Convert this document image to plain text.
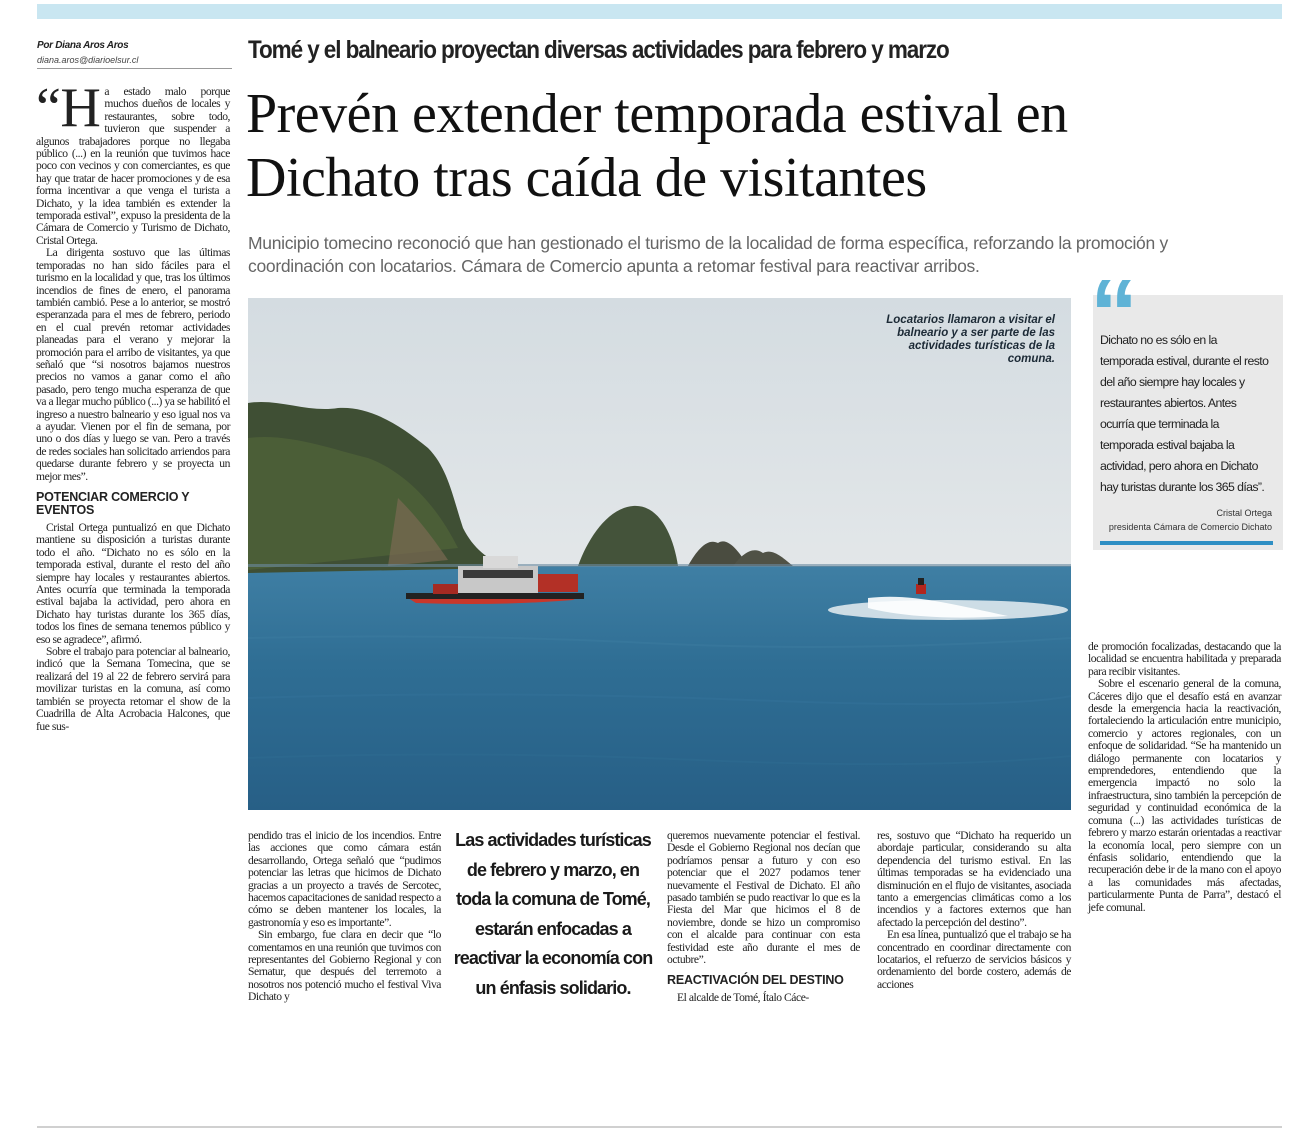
Por Diana Aros Aros
diana.aros@diarioelsur.cl	Tomé y el balneario proyectan diversas actividades para febrero y marzo
Prevén extender temporada estival en
Dichato tras caída de visitantes
Municipio tomecino reconoció que han gestionado el turismo de la localidad de forma específica, reforzando la promoción y coordinación con locatarios. Cámara de Comercio apunta a retomar festival para reactivar arribos.

“Ha estado malo porque muchos dueños de locales y restaurantes, sobre todo, tuvieron que suspender a algunos trabajadores porque no llegaba público (...) en la reunión que tuvimos hace poco con vecinos y con comerciantes, es que hay que tratar de hacer promociones y de esa forma incentivar a que venga el turista a Dichato, y la idea también es extender la temporada estival”, expuso la presidenta de la Cámara de Comercio y Turismo de Dichato, Cristal Ortega.

La dirigenta sostuvo que las últimas temporadas no han sido fáciles para el turismo en la localidad y que, tras los últimos incendios de fines de enero, el panorama también cambió. Pese a lo anterior, se mostró esperanzada para el mes de febrero, periodo en el cual prevén retomar actividades planeadas para el verano y mejorar la promoción para el arribo de visitantes, ya que señaló que “si nosotros bajamos nuestros precios no vamos a ganar como el año pasado, pero tengo mucha esperanza de que va a llegar mucho público (...) ya se habilitó el ingreso a nuestro balneario y eso igual nos va a ayudar. Vienen por el fin de semana, por uno o dos días y luego se van. Pero a través de redes sociales han solicitado arriendos para quedarse durante febrero y se proyecta un mejor mes”.

POTENCIAR COMERCIO Y EVENTOS

Cristal Ortega puntualizó en que Dichato mantiene su disposición a turistas durante todo el año. “Dichato no es sólo en la temporada estival, durante el resto del año siempre hay locales y restaurantes abiertos. Antes ocurría que terminada la temporada estival bajaba la actividad, pero ahora en Dichato hay turistas durante los 365 días, todos los fines de semana tenemos público y eso se agradece”, afirmó.

Sobre el trabajo para potenciar al balneario, indicó que la Semana Tomecina, que se realizará del 19 al 22 de febrero servirá para movilizar turistas en la comuna, así como también se proyecta retomar el show de la Cuadrilla de Alta Acrobacia Halcones, que fue sus-

Locatarios llamaron a visitar el balneario y a ser parte de las actividades turísticas de la comuna. “
Dichato no es sólo en la temporada estival, durante el resto del año siempre hay locales y restaurantes abiertos. Antes ocurría que terminada la temporada estival bajaba la actividad, pero ahora en Dichato hay turistas durante los 365 días”.
Cristal Ortega
presidenta Cámara de Comercio Dichato

pendido tras el inicio de los incendios. Entre las acciones que como cámara están desarrollando, Ortega señaló que “pudimos potenciar las letras que hicimos de Dichato gracias a un proyecto a través de Sercotec, hacemos capacitaciones de sanidad respecto a cómo se deben mantener los locales, la gastronomía y eso es importante”.

Sin embargo, fue clara en decir que “lo comentamos en una reunión que tuvimos con representantes del Gobierno Regional y con Sernatur, que después del terremoto a nosotros nos potenció mucho el festival Viva Dichato y

Las actividades turísticas de febrero y marzo, en toda la comuna de Tomé, estarán enfocadas a reactivar la economía con un énfasis solidario.

queremos nuevamente potenciar el festival. Desde el Gobierno Regional nos decían que podríamos pensar a futuro y con eso potenciar que el 2027 podamos tener nuevamente el Festival de Dichato. El año pasado también se pudo reactivar lo que es la Fiesta del Mar que hicimos el 8 de noviembre, donde se hizo un compromiso con el alcalde para continuar con esta festividad este año durante el mes de octubre”.

REACTIVACIÓN DEL DESTINO

El alcalde de Tomé, Ítalo Cáce-

res, sostuvo que “Dichato ha requerido un abordaje particular, considerando su alta dependencia del turismo estival. En las últimas temporadas se ha evidenciado una disminución en el flujo de visitantes, asociada tanto a emergencias climáticas como a los incendios y a factores externos que han afectado la percepción del destino”.

En esa línea, puntualizó que el trabajo se ha concentrado en coordinar directamente con locatarios, el refuerzo de servicios básicos y ordenamiento del borde costero, además de acciones

de promoción focalizadas, destacando que la localidad se encuentra habilitada y preparada para recibir visitantes.

Sobre el escenario general de la comuna, Cáceres dijo que el desafío está en avanzar desde la emergencia hacia la reactivación, fortaleciendo la articulación entre municipio, comercio y actores regionales, con un enfoque de solidaridad. “Se ha mantenido un diálogo permanente con locatarios y emprendedores, entendiendo que la emergencia impactó no solo la infraestructura, sino también la percepción de seguridad y continuidad económica de la comuna (...) las actividades turísticas de febrero y marzo estarán orientadas a reactivar la economía local, pero siempre con un énfasis solidario, entendiendo que la recuperación debe ir de la mano con el apoyo a las comunidades más afectadas, particularmente Punta de Parra”, destacó el jefe comunal.
